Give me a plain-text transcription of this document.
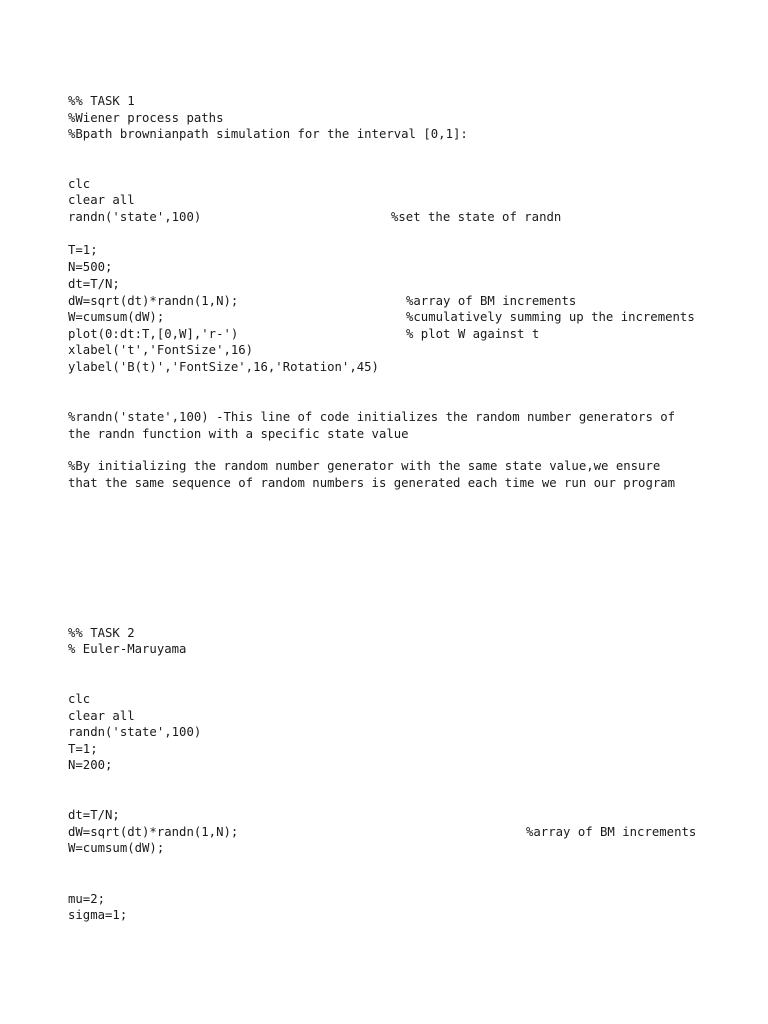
%% TASK 1

%Wiener process paths

%Bpath brownianpath simulation for the interval [0,1]:

clc

clear all

randn('state',100)	%set the state of randn

T=1;

N=500;

dt=T/N;

dW=sqrt(dt)*randn(1,N);	%array of BM increments

W=cumsum(dW);	%cumulatively summing up the increments

plot(0:dt:T,[0,W],'r-')	% plot W against t

xlabel('t','FontSize',16)

ylabel('B(t)','FontSize',16,'Rotation',45)

%randn('state',100) -This line of code initializes the random number generators of

the randn function with a specific state value

%By initializing the random number generator with the same state value,we ensure

that the same sequence of random numbers is generated each time we run our program

%% TASK 2

% Euler-Maruyama

clc

clear all

randn('state',100)

T=1;

N=200;

dt=T/N;

dW=sqrt(dt)*randn(1,N);	%array of BM increments

W=cumsum(dW);

mu=2;

sigma=1;
